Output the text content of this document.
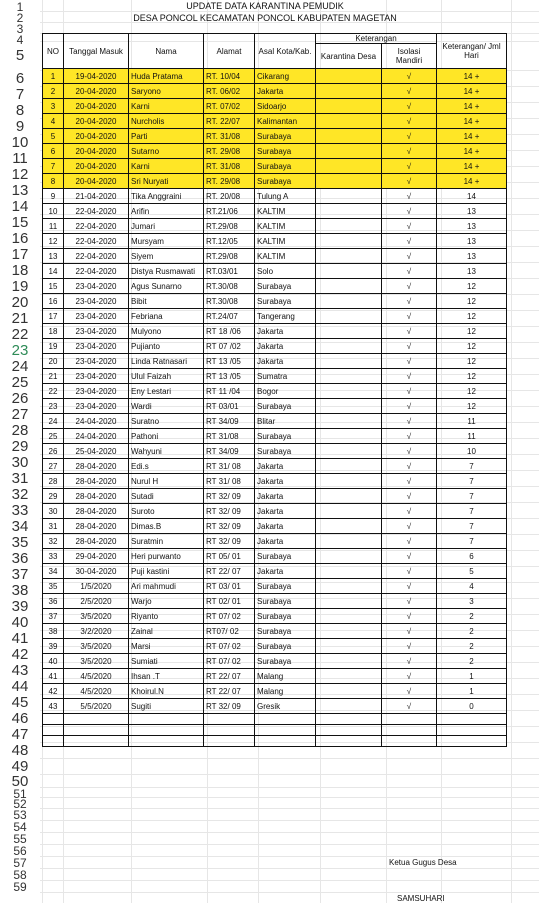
1
2
3
4
5
6
7
8
9
10
11
12
13
14
15
16
17
18
19
20
21
22
23
24
25
26
27
28
29
30
31
32
33
34
35
36
37
38
39
40
41
42
43
44
45
46
47
48
49
50
51
52
53
54
55
56
57
58
59
UPDATE DATA KARANTINA PEMUDIK
DESA PONCOL KECAMATAN PONCOL KABUPATEN MAGETAN
NO	Tanggal Masuk	Nama	Alamat	Asal Kota/Kab.	Keterangan		Keterangan/ Jml Hari
					Karantina Desa	Isolasi Mandiri	
1	19-04-2020	Huda Pratama	RT. 10/04	Cikarang		√	14 +
2	20-04-2020	Saryono	RT. 06/02	Jakarta		√	14 +
3	20-04-2020	Karni	RT. 07/02	Sidoarjo		√	14 +
4	20-04-2020	Nurcholis	RT. 22/07	Kalimantan		√	14 +
5	20-04-2020	Parti	RT. 31/08	Surabaya		√	14 +
6	20-04-2020	Sutarno	RT. 29/08	Surabaya		√	14 +
7	20-04-2020	Karni	RT. 31/08	Surabaya		√	14 +
8	20-04-2020	Sri Nuryati	RT. 29/08	Surabaya		√	14 +
9	21-04-2020	Tika Anggraini	RT. 20/08	Tulung A		√	14
10	22-04-2020	Arifin	RT.21/06	KALTIM		√	13
11	22-04-2020	Jumari	RT.29/08	KALTIM		√	13
12	22-04-2020	Mursyam	RT.12/05	KALTIM		√	13
13	22-04-2020	Siyem	RT.29/08	KALTIM		√	13
14	22-04-2020	Distya Rusmawati	RT.03/01	Solo		√	13
15	23-04-2020	Agus Sunarno	RT.30/08	Surabaya		√	12
16	23-04-2020	Bibit	RT.30/08	Surabaya		√	12
17	23-04-2020	Febriana	RT.24/07	Tangerang		√	12
18	23-04-2020	Mulyono	RT 18 /06	Jakarta		√	12
19	23-04-2020	Pujianto	RT 07 /02	Jakarta		√	12
20	23-04-2020	Linda Ratnasari	RT 13 /05	Jakarta		√	12
21	23-04-2020	Ulul Faizah	RT 13 /05	Sumatra		√	12
22	23-04-2020	Eny Lestari	RT 11 /04	Bogor		√	12
23	23-04-2020	Wardi	RT 03/01	Surabaya		√	12
24	24-04-2020	Suratno	RT 34/09	Blitar		√	11
25	24-04-2020	Pathoni	RT 31/08	Surabaya		√	11
26	25-04-2020	Wahyuni	RT 34/09	Surabaya		√	10
27	28-04-2020	Edi.s	RT 31/ 08	Jakarta		√	7
28	28-04-2020	Nurul H	RT 31/ 08	Jakarta		√	7
29	28-04-2020	Sutadi	RT 32/ 09	Jakarta		√	7
30	28-04-2020	Suroto	RT 32/ 09	Jakarta		√	7
31	28-04-2020	Dimas.B	RT 32/ 09	Jakarta		√	7
32	28-04-2020	Suratmin	RT 32/ 09	Jakarta		√	7
33	29-04-2020	Heri purwanto	RT 05/ 01	Surabaya		√	6
34	30-04-2020	Puji kastini	RT 22/ 07	Jakarta		√	5
35	1/5/2020	Ari mahmudi	RT 03/ 01	Surabaya		√	4
36	2/5/2020	Warjo	RT 02/ 01	Surabaya		√	3
37	3/5/2020	Riyanto	RT 07/ 02	Surabaya		√	2
38	3/2/2020	Zainal	RT07/ 02	Surabaya		√	2
39	3/5/2020	Marsi	RT 07/ 02	Surabaya		√	2
40	3/5/2020	Sumiati	RT 07/ 02	Surabaya		√	2
41	4/5/2020	Ihsan .T	RT 22/ 07	Malang		√	1
42	4/5/2020	Khoirul.N	RT 22/ 07	Malang		√	1
43	5/5/2020	Sugiti	RT 32/ 09	Gresik		√	0

Ketua Gugus Desa
SAMSUHARI
